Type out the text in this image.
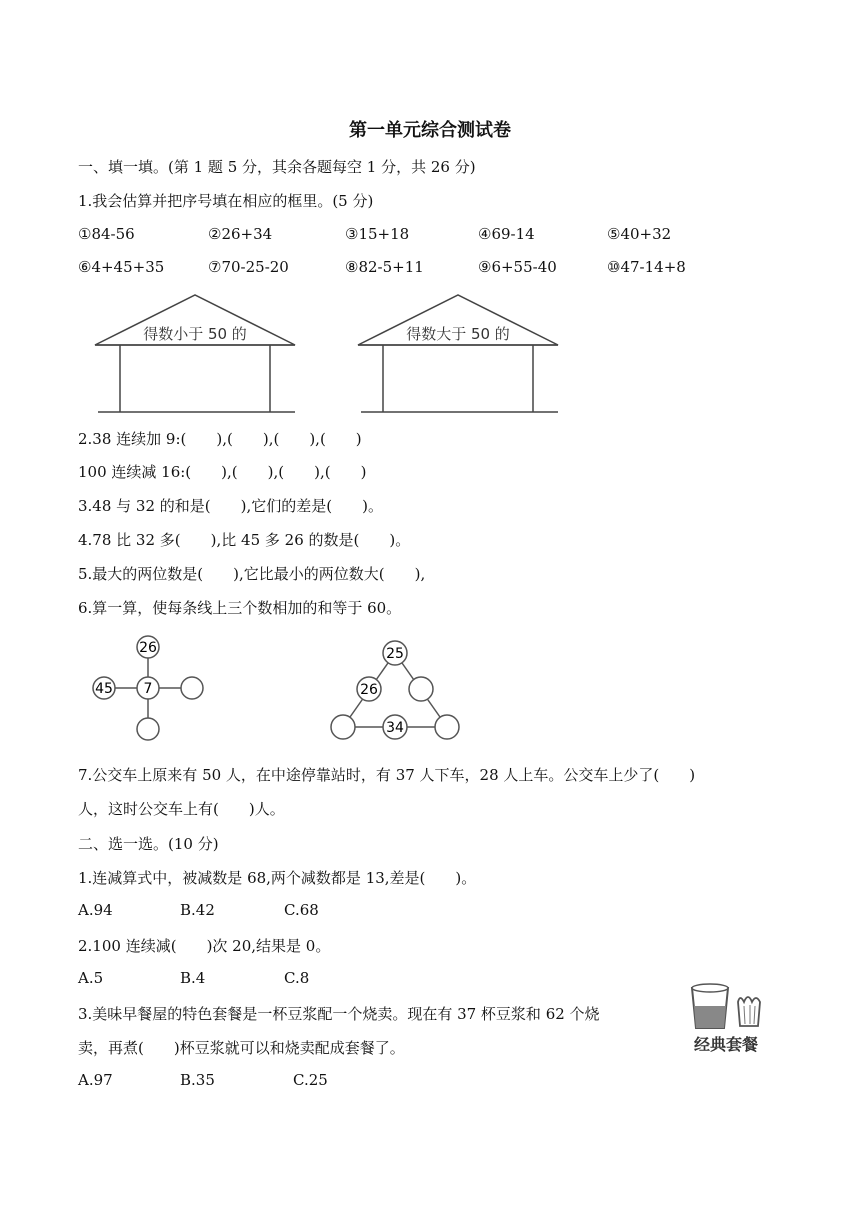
第一单元综合测试卷
一、填一填。(第 1 题 5 分，其余各题每空 1 分，共 26 分)
1.我会估算并把序号填在相应的框里。(5 分)
①84-56	②26+34	③15+18	④69-14	⑤40+32
⑥4+45+35	⑦70-25-20	⑧82-5+11	⑨6+55-40	⑩47-14+8
得数小于 50 的	得数大于 50 的
2.38 连续加 9:(　　),(　　),(　　),(　　)
100 连续减 16:(　　),(　　),(　　),(　　)
3.48 与 32 的和是(　　),它们的差是(　　)。
4.78 比 32 多(　　),比 45 多 26 的数是(　　)。
5.最大的两位数是(　　),它比最小的两位数大(　　),
6.算一算，使每条线上三个数相加的和等于 60。
26
7
45
25
26
34
7.公交车上原来有 50 人，在中途停靠站时，有 37 人下车，28 人上车。公交车上少了(　　)
人，这时公交车上有(　　)人。
二、选一选。(10 分)
1.连减算式中，被减数是 68,两个减数都是 13,差是(　　)。
A.94	B.42	C.68
2.100 连续减(　　)次 20,结果是 0。
A.5	B.4	C.8
3.美味早餐屋的特色套餐是一杯豆浆配一个烧卖。现在有 37 杯豆浆和 62 个烧
卖，再煮(　　)杯豆浆就可以和烧卖配成套餐了。	经典套餐
A.97	B.35	C.25
